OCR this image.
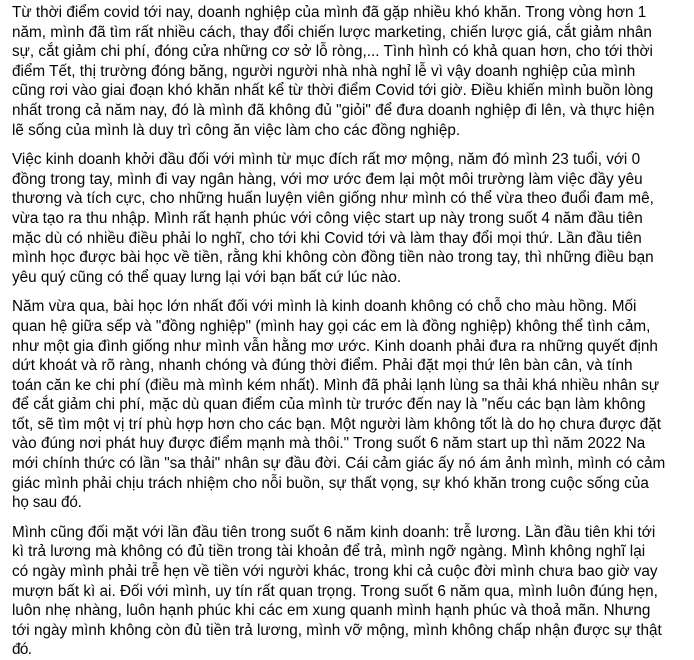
Từ thời điểm covid tới nay, doanh nghiệp của mình đã gặp nhiều khó khăn. Trong vòng hơn 1
năm, mình đã tìm rất nhiều cách, thay đổi chiến lược marketing, chiến lược giá, cắt giảm nhân
sự, cắt giảm chi phí, đóng cửa những cơ sở lỗ ròng,... Tình hình có khả quan hơn, cho tới thời
điểm Tết, thị trường đóng băng, người người nhà nhà nghỉ lễ vì vậy doanh nghiệp của mình
cũng rơi vào giai đoạn khó khăn nhất kể từ thời điểm Covid tới giờ. Điều khiến mình buồn lòng
nhất trong cả năm nay, đó là mình đã không đủ "giỏi" để đưa doanh nghiệp đi lên, và thực hiện
lẽ sống của mình là duy trì công ăn việc làm cho các đồng nghiệp.
Việc kinh doanh khởi đầu đối với mình từ mục đích rất mơ mộng, năm đó mình 23 tuổi, với 0
đồng trong tay, mình đi vay ngân hàng, với mơ ước đem lại một môi trường làm việc đầy yêu
thương và tích cực, cho những huấn luyện viên giống như mình có thể vừa theo đuổi đam mê,
vừa tạo ra thu nhập. Mình rất hạnh phúc với công việc start up này trong suốt 4 năm đầu tiên
mặc dù có nhiều điều phải lo nghĩ, cho tới khi Covid tới và làm thay đổi mọi thứ. Lần đầu tiên
mình học được bài học về tiền, rằng khi không còn đồng tiền nào trong tay, thì những điều bạn
yêu quý cũng có thể quay lưng lại với bạn bất cứ lúc nào.
Năm vừa qua, bài học lớn nhất đối với mình là kinh doanh không có chỗ cho màu hồng. Mối
quan hệ giữa sếp và "đồng nghiệp" (mình hay gọi các em là đồng nghiệp) không thể tình cảm,
như một gia đình giống như mình vẫn hằng mơ ước. Kinh doanh phải đưa ra những quyết định
dứt khoát và rõ ràng, nhanh chóng và đúng thời điểm. Phải đặt mọi thứ lên bàn cân, và tính
toán căn ke chi phí (điều mà mình kém nhất). Mình đã phải lạnh lùng sa thải khá nhiều nhân sự
để cắt giảm chi phí, mặc dù quan điểm của mình từ trước đến nay là "nếu các bạn làm không
tốt, sẽ tìm một vị trí phù hợp hơn cho các bạn. Một người làm không tốt là do họ chưa được đặt
vào đúng nơi phát huy được điểm mạnh mà thôi." Trong suốt 6 năm start up thì năm 2022 Na
mới chính thức có lần "sa thải" nhân sự đầu đời. Cái cảm giác ấy nó ám ảnh mình, mình có cảm
giác mình phải chịu trách nhiệm cho nỗi buồn, sự thất vọng, sự khó khăn trong cuộc sống của
họ sau đó.
Mình cũng đối mặt với lần đầu tiên trong suốt 6 năm kinh doanh: trễ lương. Lần đầu tiên khi tới
kì trả lương mà không có đủ tiền trong tài khoản để trả, mình ngỡ ngàng. Mình không nghĩ lại
có ngày mình phải trễ hẹn về tiền với người khác, trong khi cả cuộc đời mình chưa bao giờ vay
mượn bất kì ai. Đối với mình, uy tín rất quan trọng. Trong suốt 6 năm qua, mình luôn đúng hẹn,
luôn nhẹ nhàng, luôn hạnh phúc khi các em xung quanh mình hạnh phúc và thoả mãn. Nhưng
tới ngày mình không còn đủ tiền trả lương, mình vỡ mộng, mình không chấp nhận được sự thật
đó.
